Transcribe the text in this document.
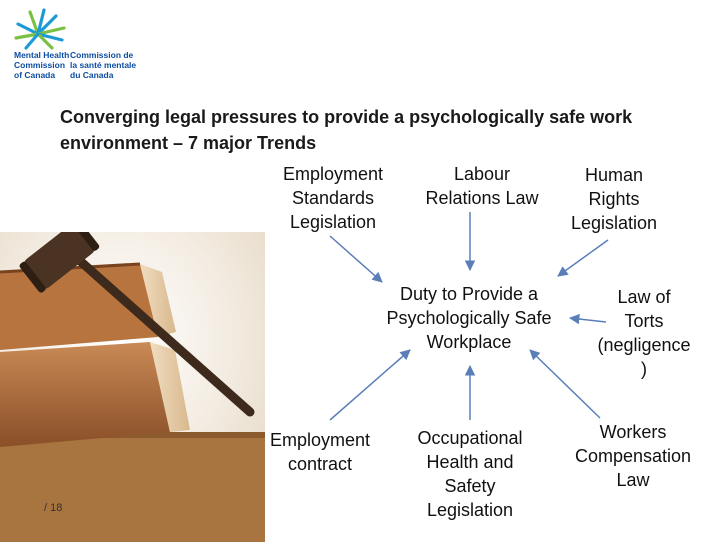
Mental Health
Commission
of Canada
Commission de
la santé mentale
du Canada
Converging legal pressures to provide a psychologically safe work environment – 7 major Trends
Employment
Standards
Legislation
Labour
Relations Law
Human
Rights
Legislation
Duty to Provide a
Psychologically Safe
Workplace
Law of
Torts
(negligence
)
Workers
Compensation
Law
Occupational
Health and
Safety
Legislation
Employment
contract
/ 18
